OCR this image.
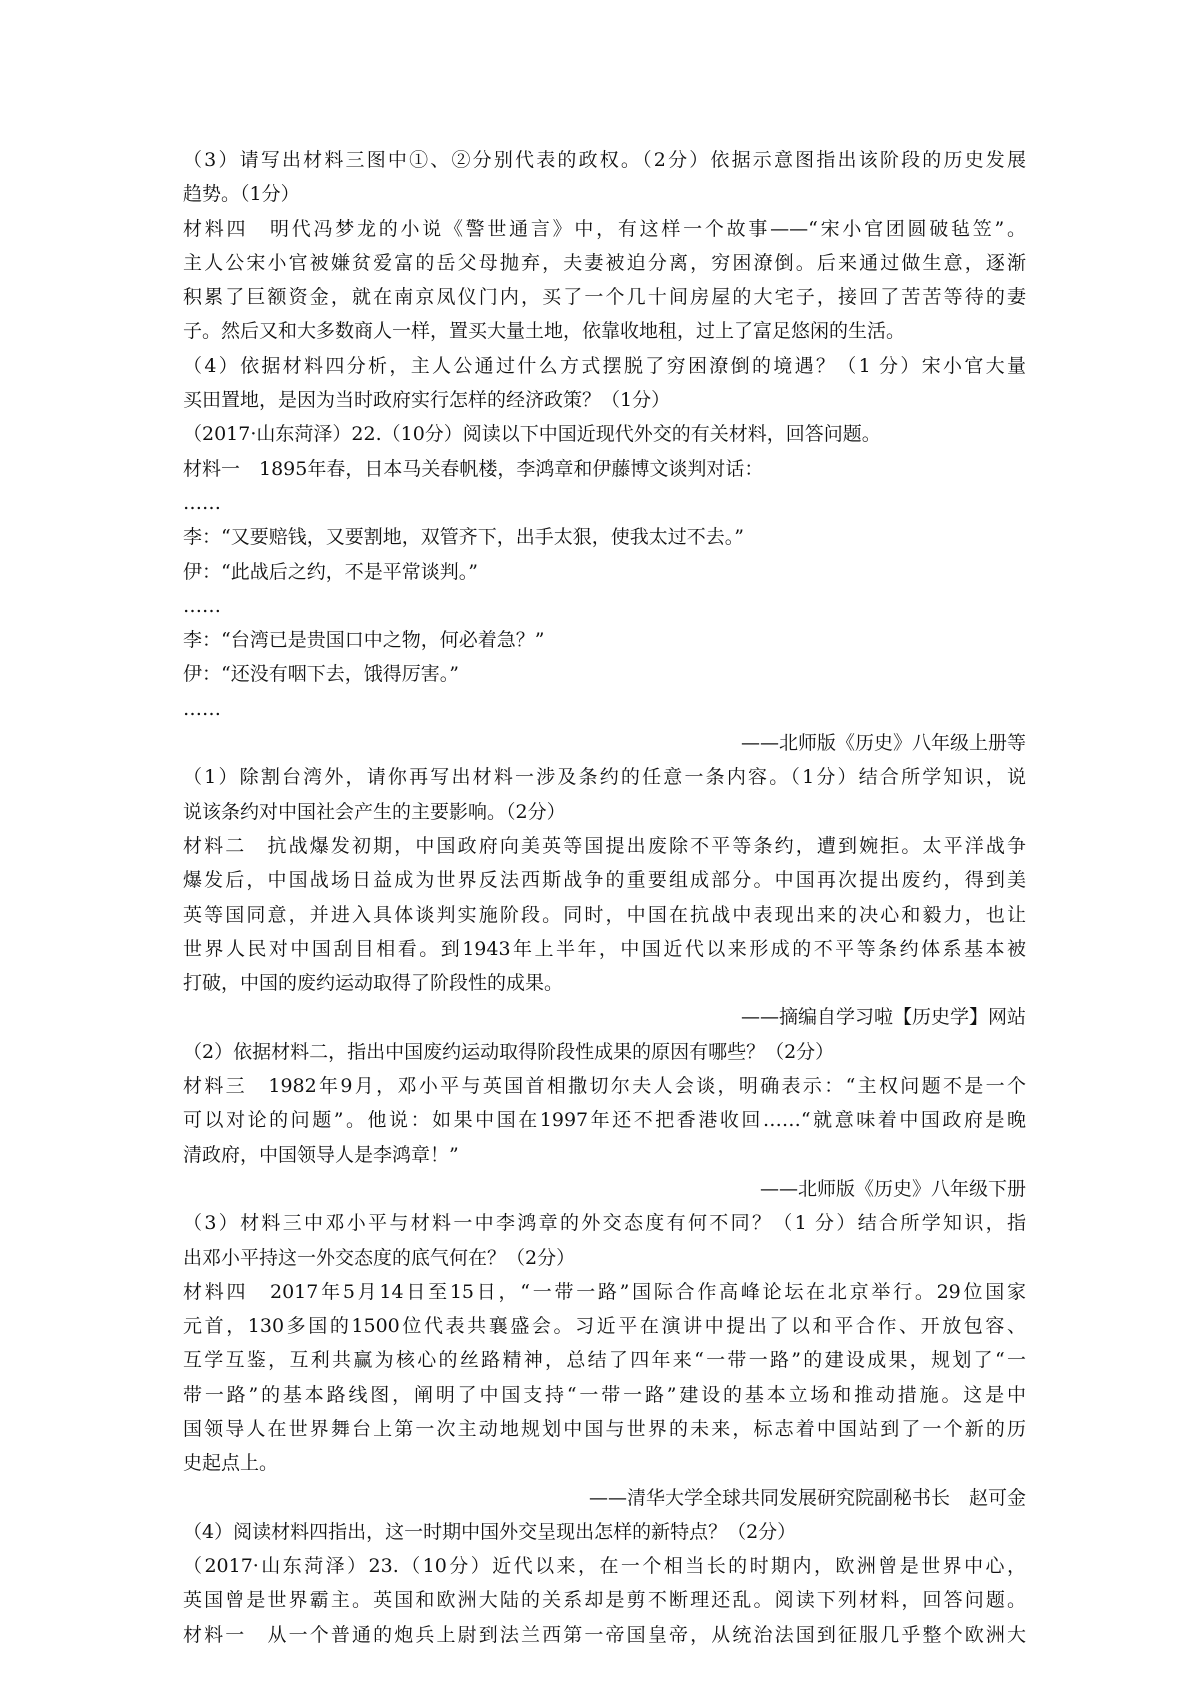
（3）请写出材料三图中①、②分别代表的政权。（2分）依据示意图指出该阶段的历史发展
趋势。（1分）
材料四　明代冯梦龙的小说《警世通言》中，有这样一个故事——“宋小官团圆破毡笠”。
主人公宋小官被嫌贫爱富的岳父母抛弃，夫妻被迫分离，穷困潦倒。后来通过做生意，逐渐
积累了巨额资金，就在南京凤仪门内，买了一个几十间房屋的大宅子，接回了苦苦等待的妻
子。然后又和大多数商人一样，置买大量土地，依靠收地租，过上了富足悠闲的生活。
（4）依据材料四分析，主人公通过什么方式摆脱了穷困潦倒的境遇？（1 分）宋小官大量
买田置地，是因为当时政府实行怎样的经济政策？（1分）
（2017·山东菏泽）22.（10分）阅读以下中国近现代外交的有关材料，回答问题。
材料一　1895年春，日本马关春帆楼，李鸿章和伊藤博文谈判对话：
……
李：“又要赔钱，又要割地，双管齐下，出手太狠，使我太过不去。”
伊：“此战后之约，不是平常谈判。”
……
李：“台湾已是贵国口中之物，何必着急？”
伊：“还没有咽下去，饿得厉害。”
……
——北师版《历史》八年级上册等
（1）除割台湾外，请你再写出材料一涉及条约的任意一条内容。（1分）结合所学知识，说
说该条约对中国社会产生的主要影响。（2分）
材料二　抗战爆发初期，中国政府向美英等国提出废除不平等条约，遭到婉拒。太平洋战争
爆发后，中国战场日益成为世界反法西斯战争的重要组成部分。中国再次提出废约，得到美
英等国同意，并进入具体谈判实施阶段。同时，中国在抗战中表现出来的决心和毅力，也让
世界人民对中国刮目相看。到1943年上半年，中国近代以来形成的不平等条约体系基本被
打破，中国的废约运动取得了阶段性的成果。
——摘编自学习啦【历史学】网站
（2）依据材料二，指出中国废约运动取得阶段性成果的原因有哪些？（2分）
材料三　1982年9月，邓小平与英国首相撒切尔夫人会谈，明确表示：“主权问题不是一个
可以对论的问题”。他说：如果中国在1997年还不把香港收回……“就意味着中国政府是晚
清政府，中国领导人是李鸿章！”
——北师版《历史》八年级下册
（3）材料三中邓小平与材料一中李鸿章的外交态度有何不同？（1 分）结合所学知识，指
出邓小平持这一外交态度的底气何在？（2分）
材料四　2017年5月14日至15日，“一带一路”国际合作高峰论坛在北京举行。29位国家
元首，130多国的1500位代表共襄盛会。习近平在演讲中提出了以和平合作、开放包容、
互学互鉴，互利共赢为核心的丝路精神，总结了四年来“一带一路”的建设成果，规划了“一
带一路”的基本路线图，阐明了中国支持“一带一路”建设的基本立场和推动措施。这是中
国领导人在世界舞台上第一次主动地规划中国与世界的未来，标志着中国站到了一个新的历
史起点上。
——清华大学全球共同发展研究院副秘书长　赵可金
（4）阅读材料四指出，这一时期中国外交呈现出怎样的新特点？（2分）
（2017·山东菏泽）23.（10分）近代以来，在一个相当长的时期内，欧洲曾是世界中心，
英国曾是世界霸主。英国和欧洲大陆的关系却是剪不断理还乱。阅读下列材料，回答问题。
材料一　从一个普通的炮兵上尉到法兰西第一帝国皇帝，从统治法国到征服几乎整个欧洲大
